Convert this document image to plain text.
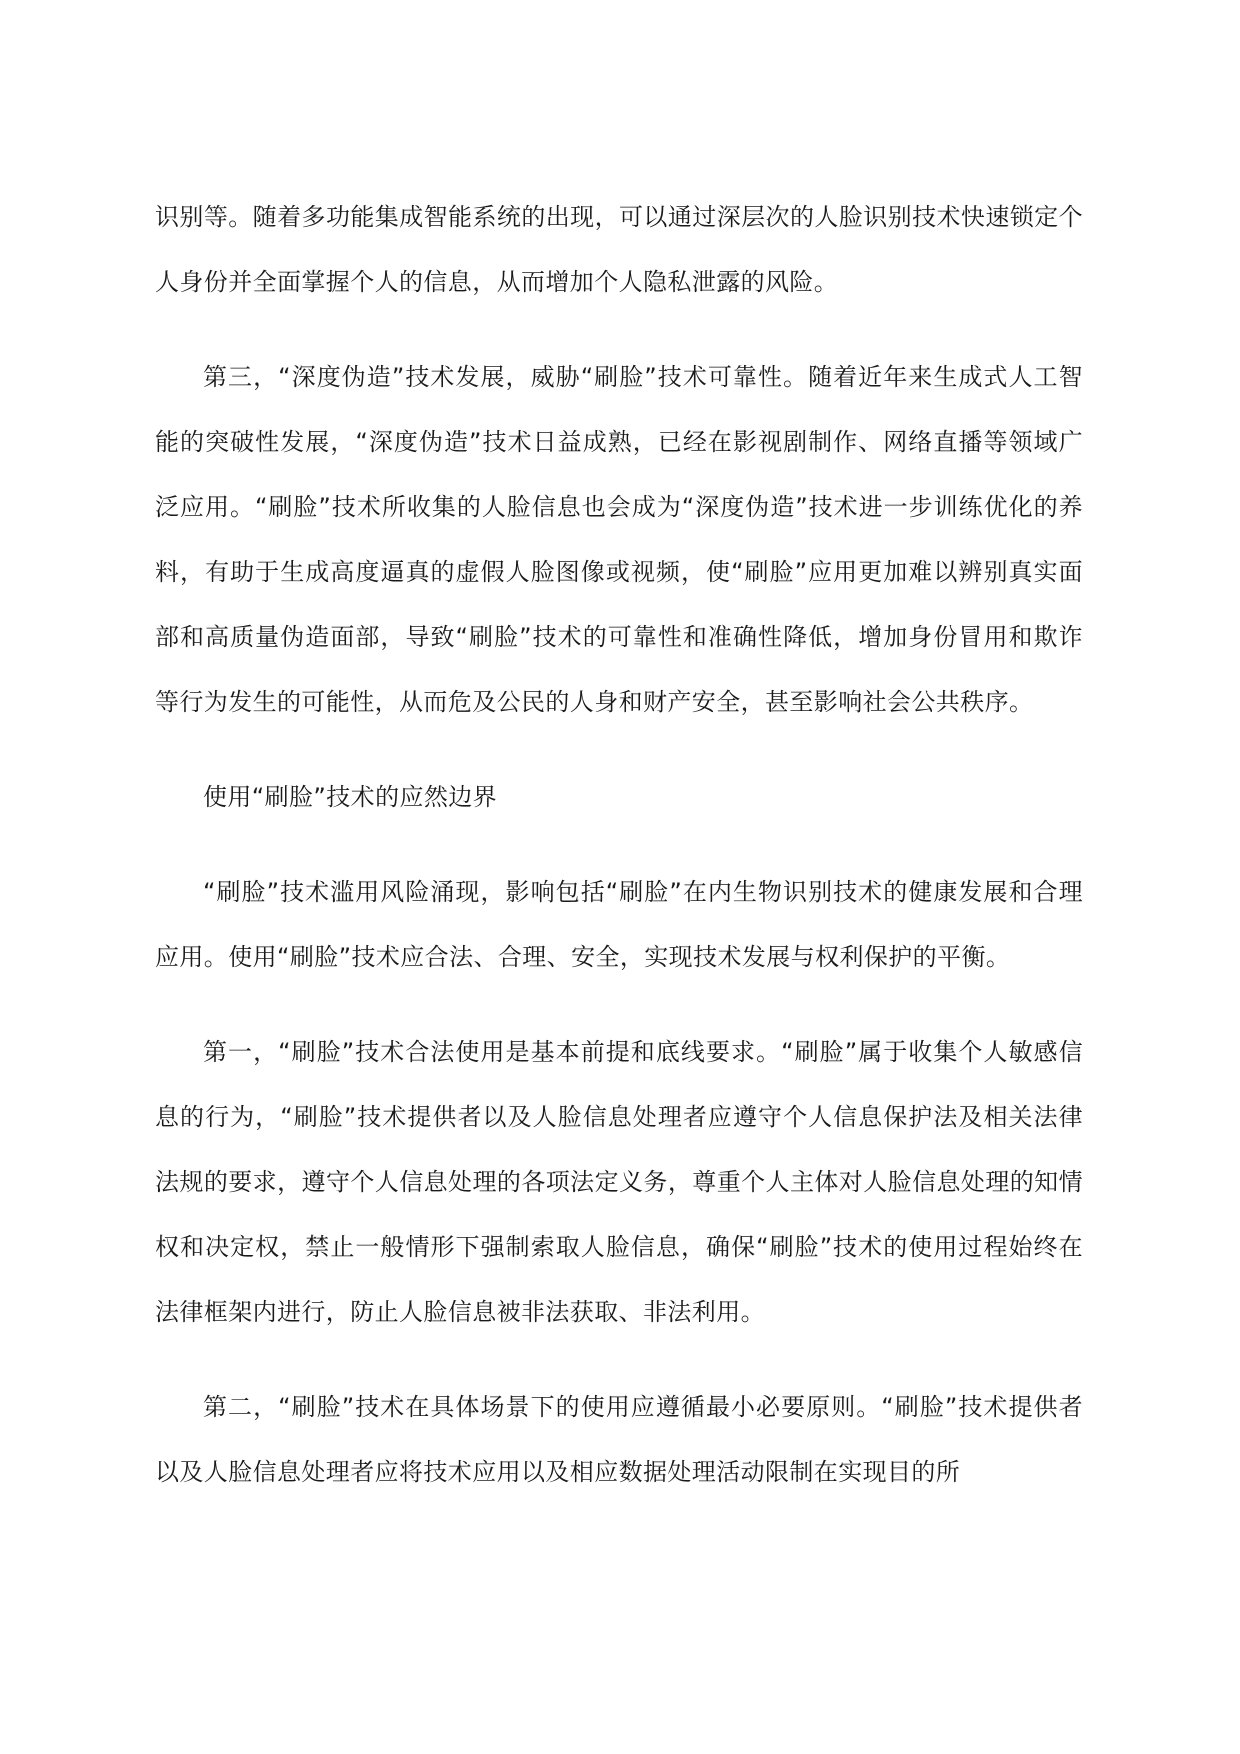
识别等。随着多功能集成智能系统的出现，可以通过深层次的人脸识别技术快速锁定个人身份并全面掌握个人的信息，从而增加个人隐私泄露的风险。

第三，“深度伪造”技术发展，威胁“刷脸”技术可靠性。随着近年来生成式人工智能的突破性发展，“深度伪造”技术日益成熟，已经在影视剧制作、网络直播等领域广泛应用。“刷脸”技术所收集的人脸信息也会成为“深度伪造”技术进一步训练优化的养料，有助于生成高度逼真的虚假人脸图像或视频，使“刷脸”应用更加难以辨别真实面部和高质量伪造面部，导致“刷脸”技术的可靠性和准确性降低，增加身份冒用和欺诈等行为发生的可能性，从而危及公民的人身和财产安全，甚至影响社会公共秩序。

使用“刷脸”技术的应然边界

“刷脸”技术滥用风险涌现，影响包括“刷脸”在内生物识别技术的健康发展和合理应用。使用“刷脸”技术应合法、合理、安全，实现技术发展与权利保护的平衡。

第一，“刷脸”技术合法使用是基本前提和底线要求。“刷脸”属于收集个人敏感信息的行为，“刷脸”技术提供者以及人脸信息处理者应遵守个人信息保护法及相关法律法规的要求，遵守个人信息处理的各项法定义务，尊重个人主体对人脸信息处理的知情权和决定权，禁止一般情形下强制索取人脸信息，确保“刷脸”技术的使用过程始终在法律框架内进行，防止人脸信息被非法获取、非法利用。

第二，“刷脸”技术在具体场景下的使用应遵循最小必要原则。“刷脸”技术提供者以及人脸信息处理者应将技术应用以及相应数据处理活动限制在实现目的所
